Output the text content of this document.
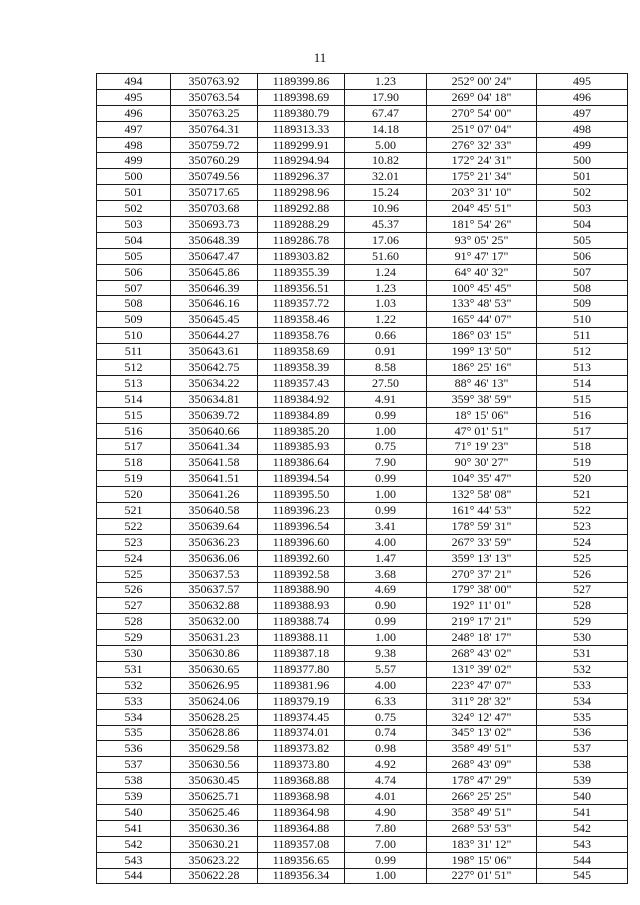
11
494	350763.92	1189399.86	1.23	252° 00' 24"	495
495	350763.54	1189398.69	17.90	269° 04' 18"	496
496	350763.25	1189380.79	67.47	270° 54' 00"	497
497	350764.31	1189313.33	14.18	251° 07' 04"	498
498	350759.72	1189299.91	5.00	276° 32' 33"	499
499	350760.29	1189294.94	10.82	172° 24' 31"	500
500	350749.56	1189296.37	32.01	175° 21' 34"	501
501	350717.65	1189298.96	15.24	203° 31' 10"	502
502	350703.68	1189292.88	10.96	204° 45' 51"	503
503	350693.73	1189288.29	45.37	181° 54' 26"	504
504	350648.39	1189286.78	17.06	93° 05' 25"	505
505	350647.47	1189303.82	51.60	91° 47' 17"	506
506	350645.86	1189355.39	1.24	64° 40' 32"	507
507	350646.39	1189356.51	1.23	100° 45' 45"	508
508	350646.16	1189357.72	1.03	133° 48' 53"	509
509	350645.45	1189358.46	1.22	165° 44' 07"	510
510	350644.27	1189358.76	0.66	186° 03' 15"	511
511	350643.61	1189358.69	0.91	199° 13' 50"	512
512	350642.75	1189358.39	8.58	186° 25' 16"	513
513	350634.22	1189357.43	27.50	88° 46' 13"	514
514	350634.81	1189384.92	4.91	359° 38' 59"	515
515	350639.72	1189384.89	0.99	18° 15' 06"	516
516	350640.66	1189385.20	1.00	47° 01' 51"	517
517	350641.34	1189385.93	0.75	71° 19' 23"	518
518	350641.58	1189386.64	7.90	90° 30' 27"	519
519	350641.51	1189394.54	0.99	104° 35' 47"	520
520	350641.26	1189395.50	1.00	132° 58' 08"	521
521	350640.58	1189396.23	0.99	161° 44' 53"	522
522	350639.64	1189396.54	3.41	178° 59' 31"	523
523	350636.23	1189396.60	4.00	267° 33' 59"	524
524	350636.06	1189392.60	1.47	359° 13' 13"	525
525	350637.53	1189392.58	3.68	270° 37' 21"	526
526	350637.57	1189388.90	4.69	179° 38' 00"	527
527	350632.88	1189388.93	0.90	192° 11' 01"	528
528	350632.00	1189388.74	0.99	219° 17' 21"	529
529	350631.23	1189388.11	1.00	248° 18' 17"	530
530	350630.86	1189387.18	9.38	268° 43' 02"	531
531	350630.65	1189377.80	5.57	131° 39' 02"	532
532	350626.95	1189381.96	4.00	223° 47' 07"	533
533	350624.06	1189379.19	6.33	311° 28' 32"	534
534	350628.25	1189374.45	0.75	324° 12' 47"	535
535	350628.86	1189374.01	0.74	345° 13' 02"	536
536	350629.58	1189373.82	0.98	358° 49' 51"	537
537	350630.56	1189373.80	4.92	268° 43' 09"	538
538	350630.45	1189368.88	4.74	178° 47' 29"	539
539	350625.71	1189368.98	4.01	266° 25' 25"	540
540	350625.46	1189364.98	4.90	358° 49' 51"	541
541	350630.36	1189364.88	7.80	268° 53' 53"	542
542	350630.21	1189357.08	7.00	183° 31' 12"	543
543	350623.22	1189356.65	0.99	198° 15' 06"	544
544	350622.28	1189356.34	1.00	227° 01' 51"	545
